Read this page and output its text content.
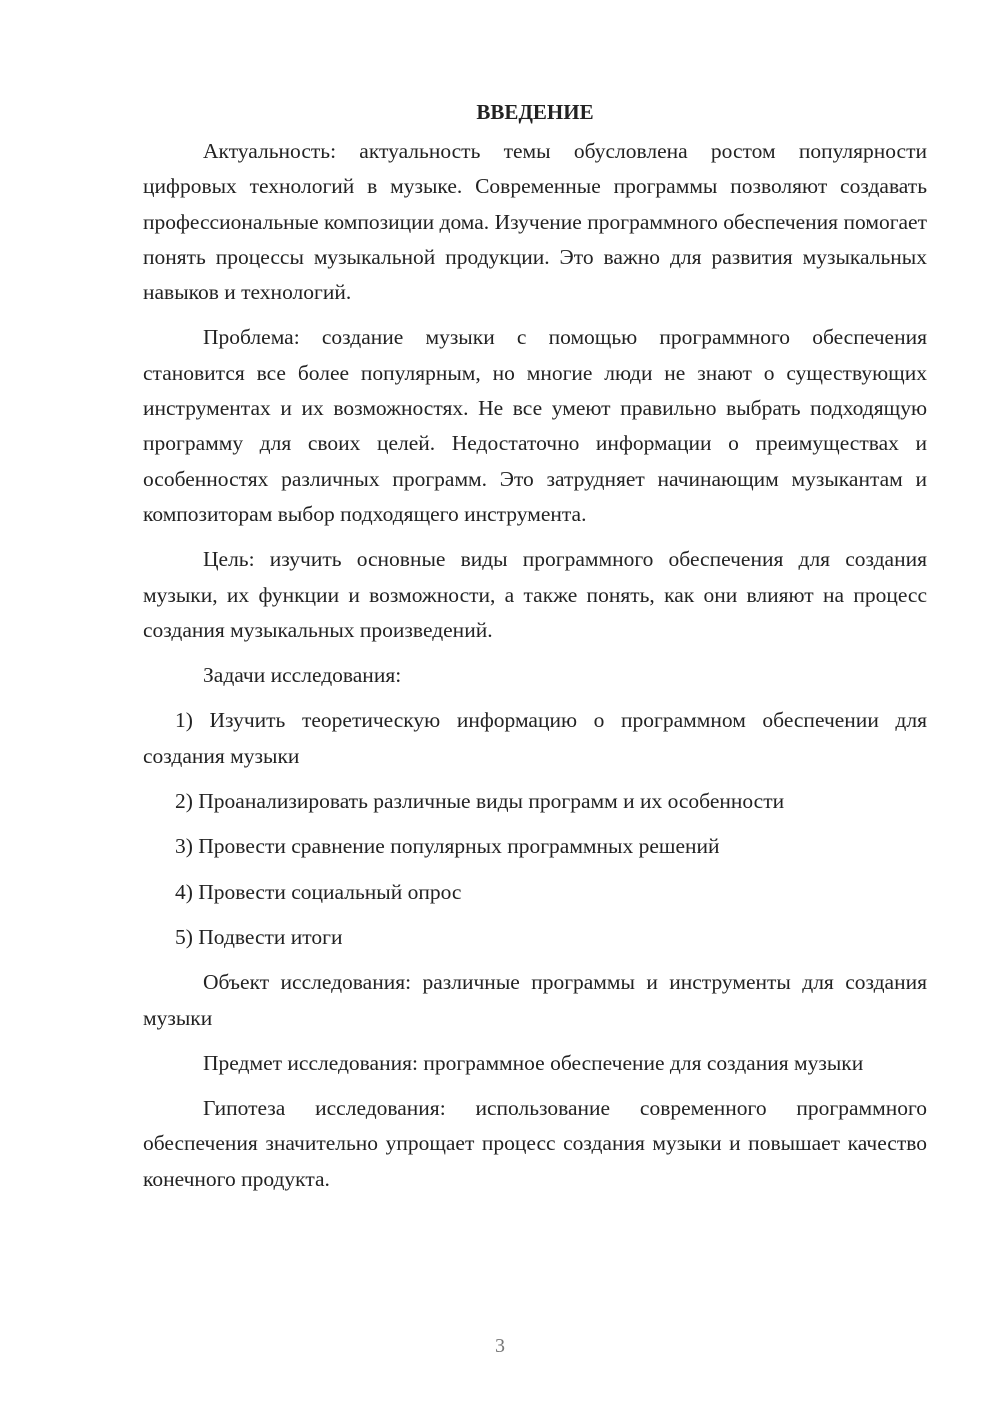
ВВЕДЕНИЕ

Актуальность: актуальность темы обусловлена ростом популярности цифровых технологий в музыке. Современные программы позволяют создавать профессиональные композиции дома. Изучение программного обеспечения помогает понять процессы музыкальной продукции. Это важно для развития музыкальных навыков и технологий.

Проблема: создание музыки с помощью программного обеспечения становится все более популярным, но многие люди не знают о существующих инструментах и их возможностях. Не все умеют правильно выбрать подходящую программу для своих целей. Недостаточно информации о преимуществах и особенностях различных программ. Это затрудняет начинающим музыкантам и композиторам выбор подходящего инструмента.

Цель: изучить основные виды программного обеспечения для создания музыки, их функции и возможности, а также понять, как они влияют на процесс создания музыкальных произведений.

Задачи исследования:

1) Изучить теоретическую информацию о программном обеспечении для создания музыки

2) Проанализировать различные виды программ и их особенности

3) Провести сравнение популярных программных решений

4) Провести социальный опрос

5) Подвести итоги

Объект исследования: различные программы и инструменты для создания музыки

Предмет исследования: программное обеспечение для создания музыки

Гипотеза исследования: использование современного программного обеспечения значительно упрощает процесс создания музыки и повышает качество конечного продукта.

3
